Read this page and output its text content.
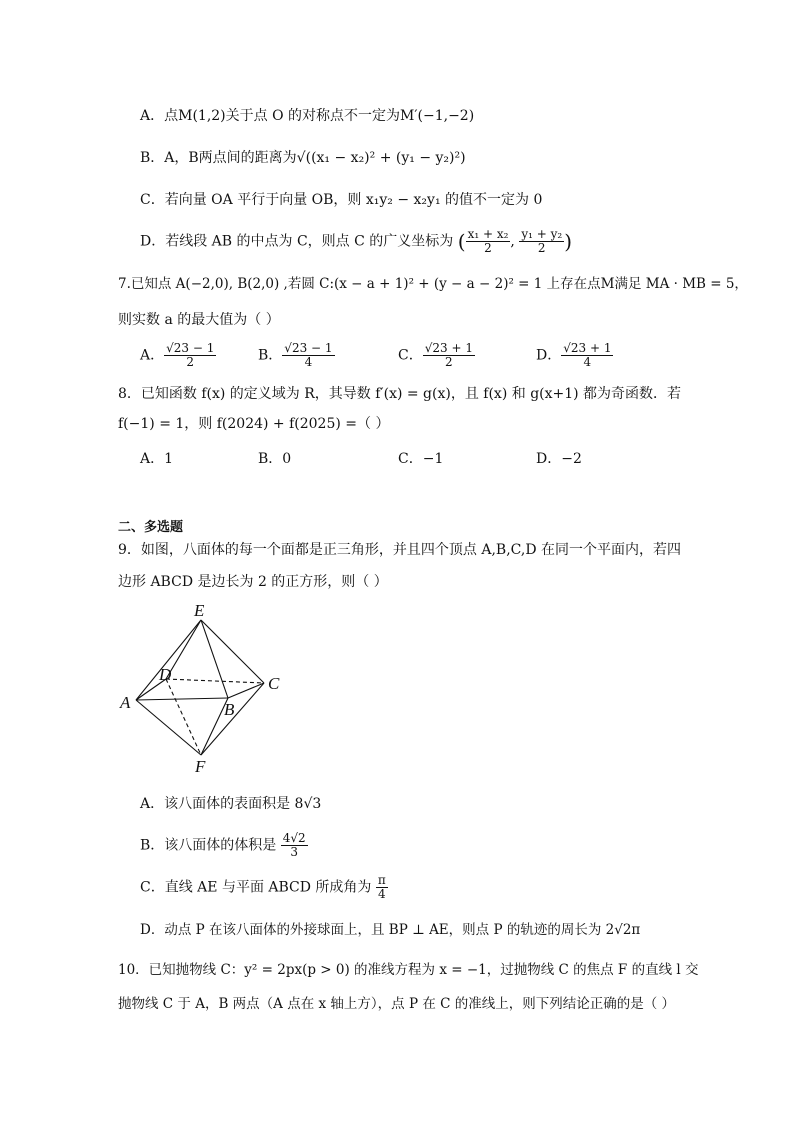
A．点M(1,2)关于点 O 的对称点不一定为M′(−1,−2)
B．A，B两点间的距离为√((x₁ − x₂)² + (y₁ − y₂)²)
C．若向量 OA 平行于向量 OB，则 x₁y₂ − x₂y₁ 的值不一定为 0
D．若线段 AB 的中点为 C，则点 C 的广义坐标为 ( $\frac{\text{x₁ + x₂}}{2}$ , $\frac{\text{y₁ + y₂}}{2}$ )
7.已知点 A(−2,0), B(2,0) ,若圆 C:(x − a + 1)² + (y − a − 2)² = 1 上存在点M满足 MA · MB = 5，
则实数 a 的最大值为（ ）
A． $\frac{√23 - 1}{2}$	B． $\frac{√23 - 1}{4}$	C． $\frac{√23 + 1}{2}$	D． $\frac{√23 + 1}{4}$
8．已知函数 f(x) 的定义域为 R，其导数 f′(x) = g(x)，且 f(x) 和 g(x+1) 都为奇函数．若
f(−1) = 1，则 f(2024) + f(2025) =（ ）
A．1	B．0	C．−1	D．−2
二、多选题
9．如图，八面体的每一个面都是正三角形，并且四个顶点 A,B,C,D 在同一个平面内，若四
边形 ABCD 是边长为 2 的正方形，则（ ）
E
A	B
C
D
F
A．该八面体的表面积是 8√3
B．该八面体的体积是 $\frac{4√2}{3}$
C．直线 AE 与平面 ABCD 所成角为 $\frac{\pi}{4}$
D．动点 P 在该八面体的外接球面上，且 BP ⊥ AE，则点 P 的轨迹的周长为 2√2π
10．已知抛物线 C：y² = 2px(p > 0) 的准线方程为 x = −1，过抛物线 C 的焦点 F 的直线 l 交
抛物线 C 于 A，B 两点（A 点在 x 轴上方），点 P 在 C 的准线上，则下列结论正确的是（ ）
